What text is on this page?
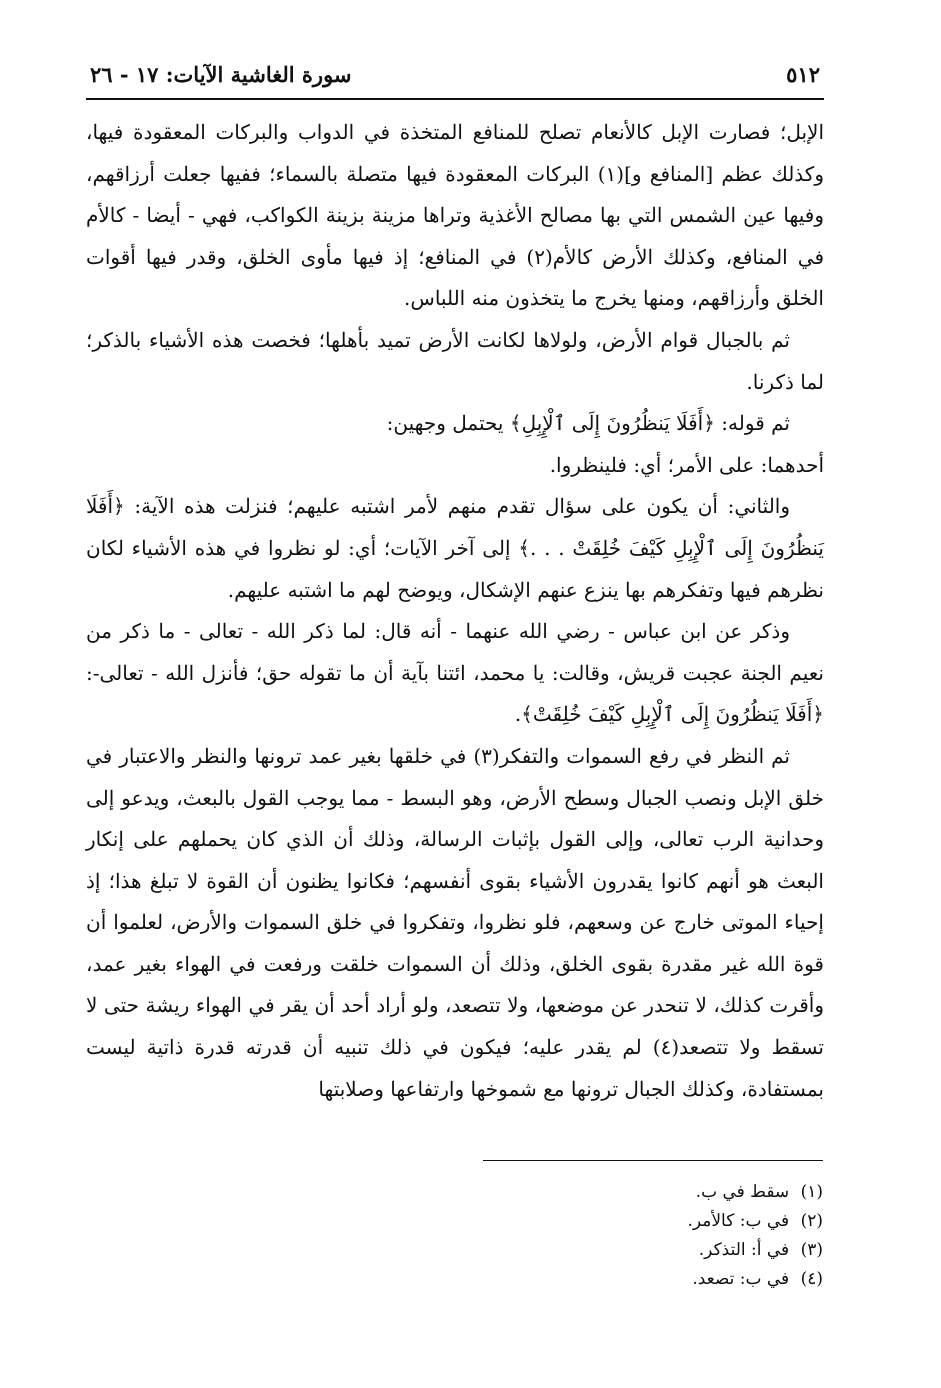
٥١٢
سورة الغاشية الآيات: ١٧ - ٢٦

الإبل؛ فصارت الإبل كالأنعام تصلح للمنافع المتخذة في الدواب والبركات المعقودة فيها، وكذلك عظم [المنافع و](١) البركات المعقودة فيها متصلة بالسماء؛ ففيها جعلت أرزاقهم، وفيها عين الشمس التي بها مصالح الأغذية وتراها مزينة بزينة الكواكب، فهي - أيضا - كالأم في المنافع، وكذلك الأرض كالأم(٢) في المنافع؛ إذ فيها مأوى الخلق، وقدر فيها أقوات الخلق وأرزاقهم، ومنها يخرج ما يتخذون منه اللباس.

ثم بالجبال قوام الأرض، ولولاها لكانت الأرض تميد بأهلها؛ فخصت هذه الأشياء بالذكر؛ لما ذكرنا.

ثم قوله: ﴿أَفَلَا يَنظُرُونَ إِلَى ٱلْإِبِلِ﴾ يحتمل وجهين:

أحدهما: على الأمر؛ أي: فلينظروا.

والثاني: أن يكون على سؤال تقدم منهم لأمر اشتبه عليهم؛ فنزلت هذه الآية: ﴿أَفَلَا يَنظُرُونَ إِلَى ٱلْإِبِلِ كَيْفَ خُلِقَتْ . . .﴾ إلى آخر الآيات؛ أي: لو نظروا في هذه الأشياء لكان نظرهم فيها وتفكرهم بها ينزع عنهم الإشكال، ويوضح لهم ما اشتبه عليهم.

وذكر عن ابن عباس - رضي الله عنهما - أنه قال: لما ذكر الله - تعالى - ما ذكر من نعيم الجنة عجبت قريش، وقالت: يا محمد، ائتنا بآية أن ما تقوله حق؛ فأنزل الله - تعالى-: ﴿أَفَلَا يَنظُرُونَ إِلَى ٱلْإِبِلِ كَيْفَ خُلِقَتْ﴾.

ثم النظر في رفع السموات والتفكر(٣) في خلقها بغير عمد ترونها والنظر والاعتبار في خلق الإبل ونصب الجبال وسطح الأرض، وهو البسط - مما يوجب القول بالبعث، ويدعو إلى وحدانية الرب تعالى، وإلى القول بإثبات الرسالة، وذلك أن الذي كان يحملهم على إنكار البعث هو أنهم كانوا يقدرون الأشياء بقوى أنفسهم؛ فكانوا يظنون أن القوة لا تبلغ هذا؛ إذ إحياء الموتى خارج عن وسعهم، فلو نظروا، وتفكروا في خلق السموات والأرض، لعلموا أن قوة الله غير مقدرة بقوى الخلق، وذلك أن السموات خلقت ورفعت في الهواء بغير عمد، وأقرت كذلك، لا تنحدر عن موضعها، ولا تتصعد، ولو أراد أحد أن يقر في الهواء ريشة حتى لا تسقط ولا تتصعد(٤) لم يقدر عليه؛ فيكون في ذلك تنبيه أن قدرته قدرة ذاتية ليست بمستفادة، وكذلك الجبال ترونها مع شموخها وارتفاعها وصلابتها

(١) سقط في ب.

(٢) في ب: كالأمر.

(٣) في أ: التذكر.

(٤) في ب: تصعد.
